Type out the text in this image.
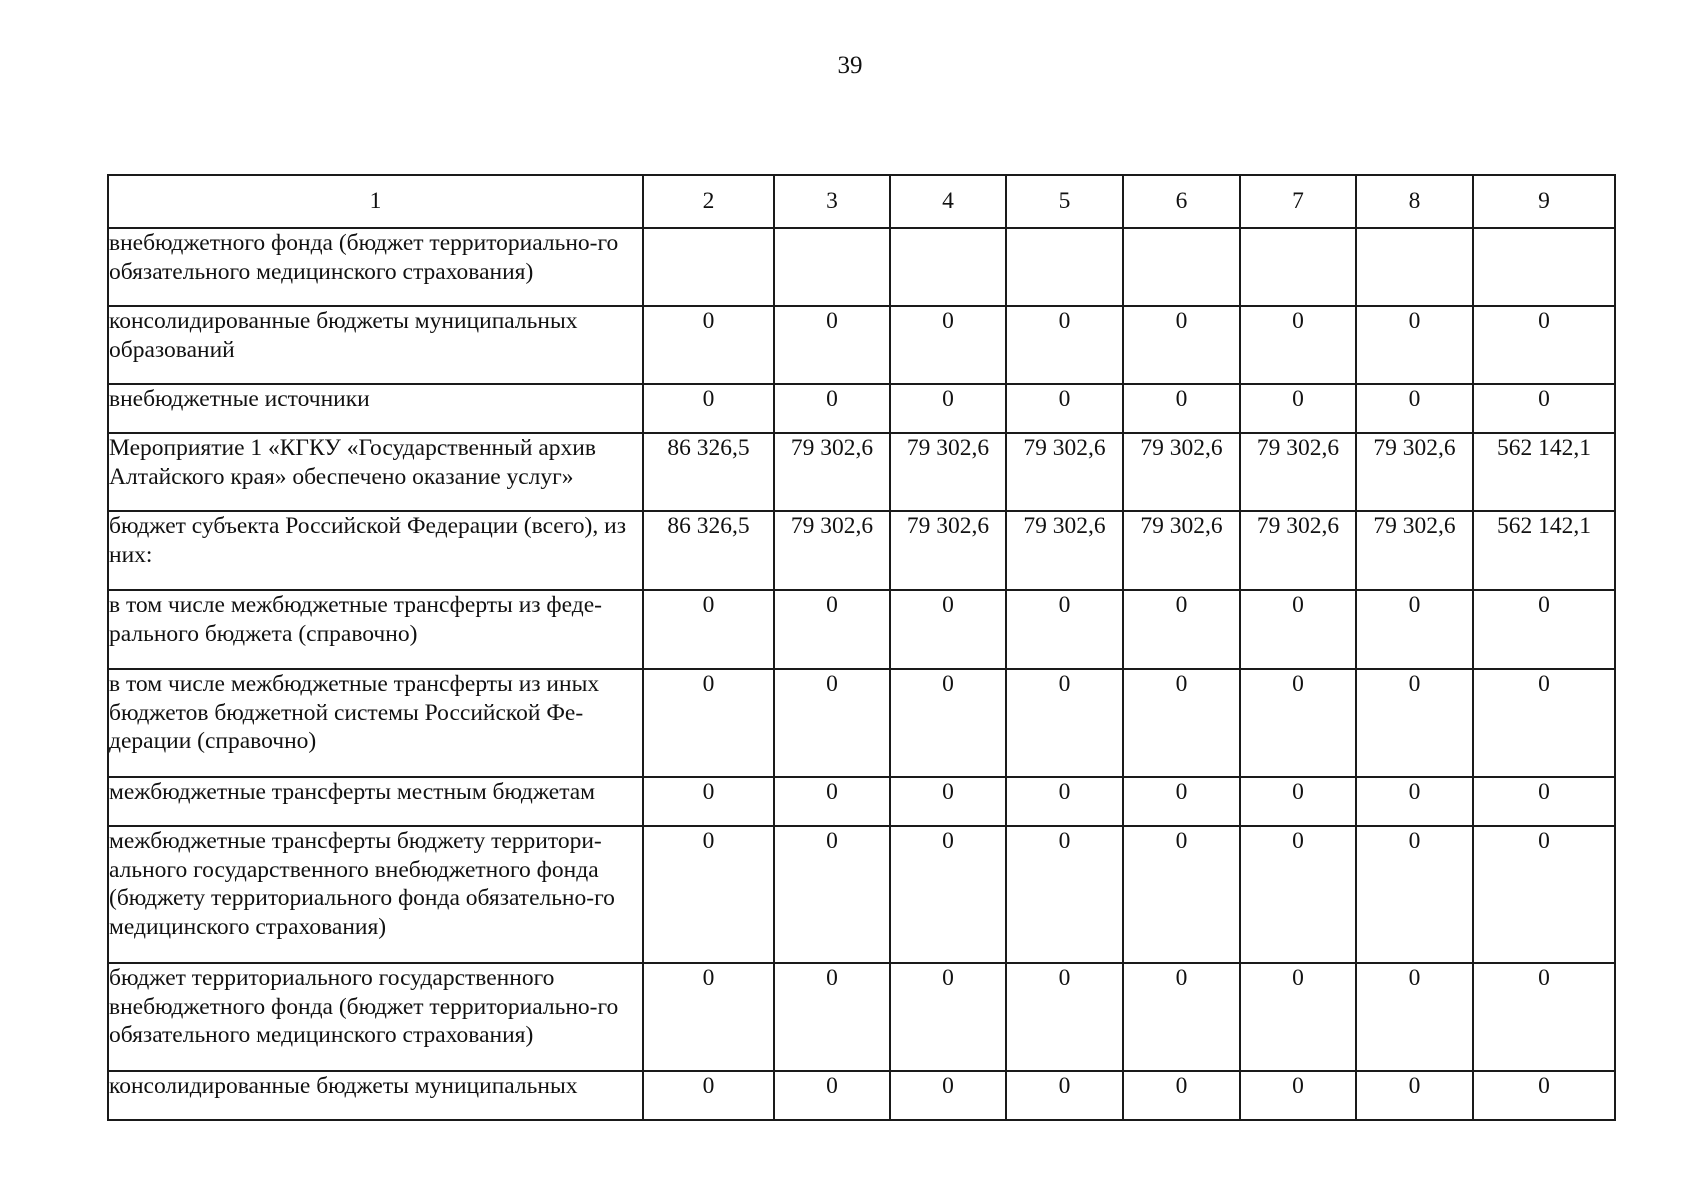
39
1	2	3	4	5	6	7	8	9
внебюджетного фонда (бюджет территориально-го обязательного медицинского страхования)								
консолидированные бюджеты муниципальных образований	0	0	0	0	0	0	0	0
внебюджетные источники	0	0	0	0	0	0	0	0
Мероприятие 1 «КГКУ «Государственный архив Алтайского края» обеспечено оказание услуг»	86 326,5	79 302,6	79 302,6	79 302,6	79 302,6	79 302,6	79 302,6	562 142,1
бюджет субъекта Российской Федерации (всего), из них:	86 326,5	79 302,6	79 302,6	79 302,6	79 302,6	79 302,6	79 302,6	562 142,1
в том числе межбюджетные трансферты из феде-рального бюджета (справочно)	0	0	0	0	0	0	0	0
в том числе межбюджетные трансферты из иных бюджетов бюджетной системы Российской Фе-дерации (справочно)	0	0	0	0	0	0	0	0
межбюджетные трансферты местным бюджетам	0	0	0	0	0	0	0	0
межбюджетные трансферты бюджету территори-ального государственного внебюджетного фонда (бюджету территориального фонда обязательно-го медицинского страхования)	0	0	0	0	0	0	0	0
бюджет территориального государственного внебюджетного фонда (бюджет территориально-го обязательного медицинского страхования)	0	0	0	0	0	0	0	0
консолидированные бюджеты муниципальных	0	0	0	0	0	0	0	0
